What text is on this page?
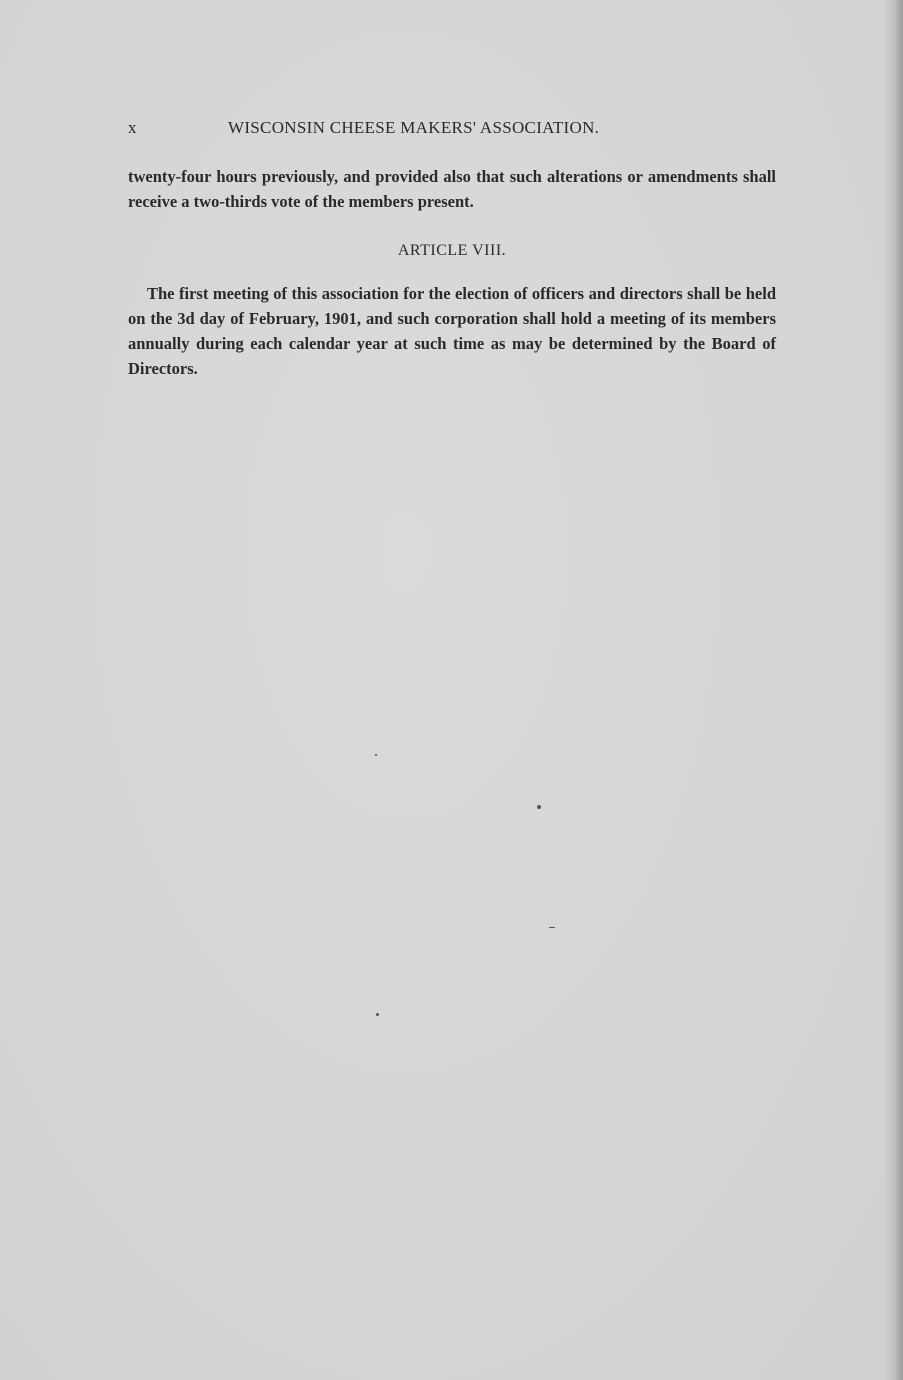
x	WISCONSIN CHEESE MAKERS' ASSOCIATION.

twenty-four hours previously, and provided also that such alterations or amendments shall receive a two-thirds vote of the members present.

ARTICLE VIII.

The first meeting of this association for the election of officers and directors shall be held on the 3d day of February, 1901, and such corporation shall hold a meeting of its members annually during each calendar year at such time as may be determined by the Board of Directors.
